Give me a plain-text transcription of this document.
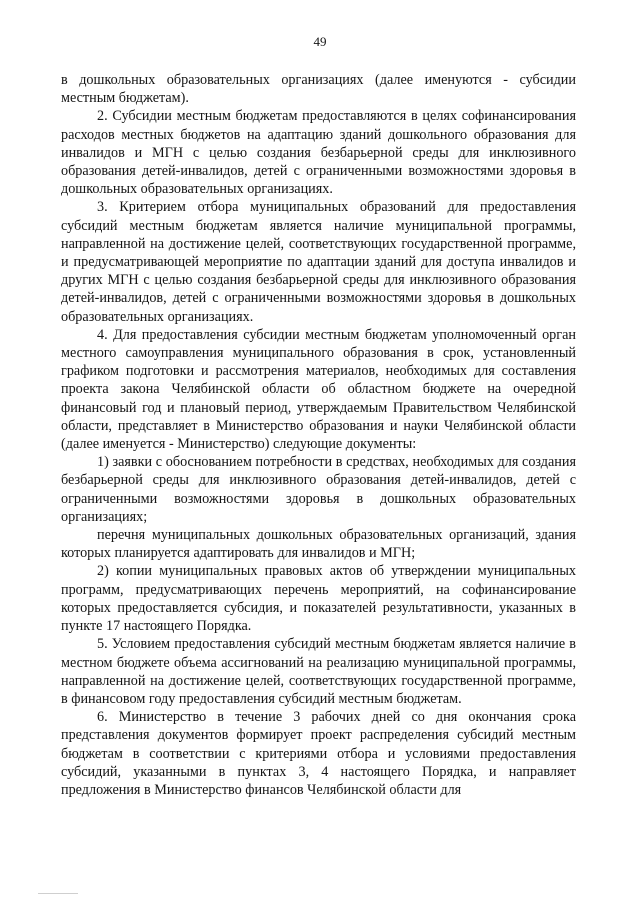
49

в дошкольных образовательных организациях (далее именуются - субсидии местным бюджетам).

2. Субсидии местным бюджетам предоставляются в целях софинансирования расходов местных бюджетов на адаптацию зданий дошкольного образования для инвалидов и МГН с целью создания безбарьерной среды для инклюзивного образования детей-инвалидов, детей с ограниченными возможностями здоровья в дошкольных образовательных организациях.

3. Критерием отбора муниципальных образований для предоставления субсидий местным бюджетам является наличие муниципальной программы, направленной на достижение целей, соответствующих государственной программе, и предусматривающей мероприятие по адаптации зданий для доступа инвалидов и других МГН с целью создания безбарьерной среды для инклюзивного образования детей-инвалидов, детей с ограниченными возможностями здоровья в дошкольных образовательных организациях.

4. Для предоставления субсидии местным бюджетам уполномоченный орган местного самоуправления муниципального образования в срок, установленный графиком подготовки и рассмотрения материалов, необходимых для составления проекта закона Челябинской области об областном бюджете на очередной финансовый год и плановый период, утверждаемым Правительством Челябинской области, представляет в Министерство образования и науки Челябинской области (далее именуется - Министерство) следующие документы:

1) заявки с обоснованием потребности в средствах, необходимых для создания безбарьерной среды для инклюзивного образования детей-инвалидов, детей с ограниченными возможностями здоровья в дошкольных образовательных организациях;

перечня муниципальных дошкольных образовательных организаций, здания которых планируется адаптировать для инвалидов и МГН;

2) копии муниципальных правовых актов об утверждении муниципальных программ, предусматривающих перечень мероприятий, на софинансирование которых предоставляется субсидия, и показателей результативности, указанных в пункте 17 настоящего Порядка.

5. Условием предоставления субсидий местным бюджетам является наличие в местном бюджете объема ассигнований на реализацию муниципальной программы, направленной на достижение целей, соответствующих государственной программе, в финансовом году предоставления субсидий местным бюджетам.

6. Министерство в течение 3 рабочих дней со дня окончания срока представления документов формирует проект распределения субсидий местным бюджетам в соответствии с критериями отбора и условиями предоставления субсидий, указанными в пунктах 3, 4 настоящего Порядка, и направляет предложения в Министерство финансов Челябинской области для
